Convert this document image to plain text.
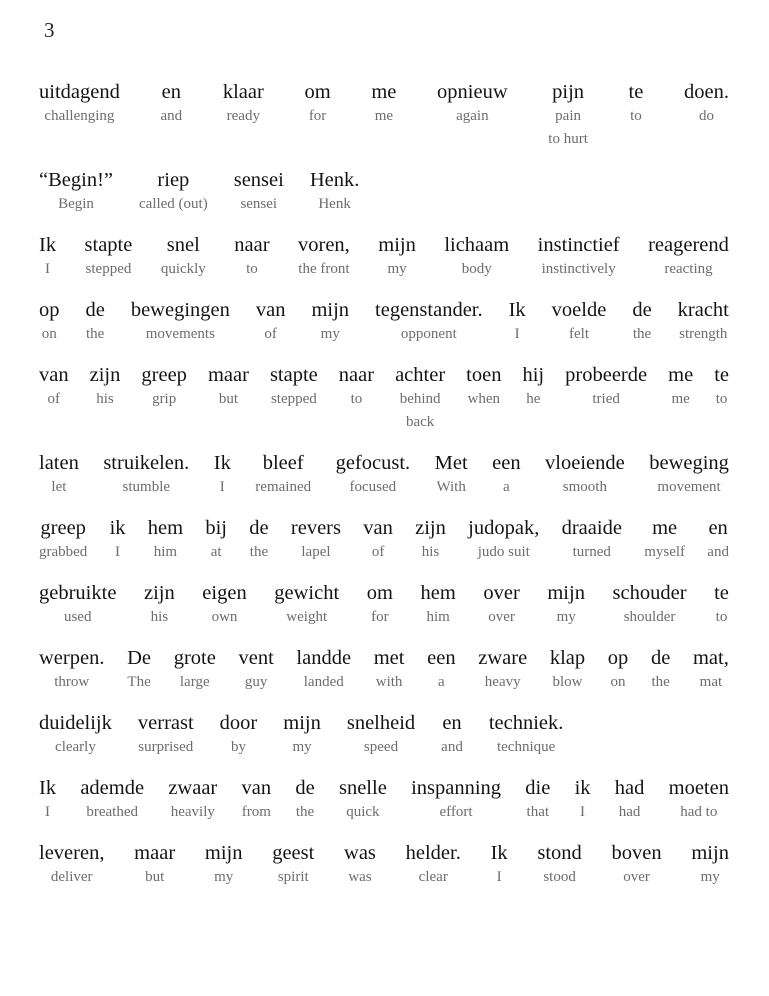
3
uitdagend
challenging
en
and
klaar
ready
om
for
me
me
opnieuw
again
pijn
pain
to hurt
te
to
doen.
do
“Begin!”
Begin
riep
called (out)
sensei
sensei
Henk.
Henk
Ik
I
stapte
stepped
snel
quickly
naar
to
voren,
the front
mijn
my
lichaam
body
instinctief
instinctively
reagerend
reacting
op
on
de
the
bewegingen
movements
van
of
mijn
my
tegenstander.
opponent
Ik
I
voelde
felt
de
the
kracht
strength
van
of
zijn
his
greep
grip
maar
but
stapte
stepped
naar
to
achter
behind
back
toen
when
hij
he
probeerde
tried
me
me
te
to
laten
let
struikelen.
stumble
Ik
I
bleef
remained
gefocust.
focused
Met
With
een
a
vloeiende
smooth
beweging
movement
greep
grabbed
ik
I
hem
him
bij
at
de
the
revers
lapel
van
of
zijn
his
judopak,
judo suit
draaide
turned
me
myself
en
and
gebruikte
used
zijn
his
eigen
own
gewicht
weight
om
for
hem
him
over
over
mijn
my
schouder
shoulder
te
to
werpen.
throw
De
The
grote
large
vent
guy
landde
landed
met
with
een
a
zware
heavy
klap
blow
op
on
de
the
mat,
mat
duidelijk
clearly
verrast
surprised
door
by
mijn
my
snelheid
speed
en
and
techniek.
technique
Ik
I
ademde
breathed
zwaar
heavily
van
from
de
the
snelle
quick
inspanning
effort
die
that
ik
I
had
had
moeten
had to
leveren,
deliver
maar
but
mijn
my
geest
spirit
was
was
helder.
clear
Ik
I
stond
stood
boven
over
mijn
my
